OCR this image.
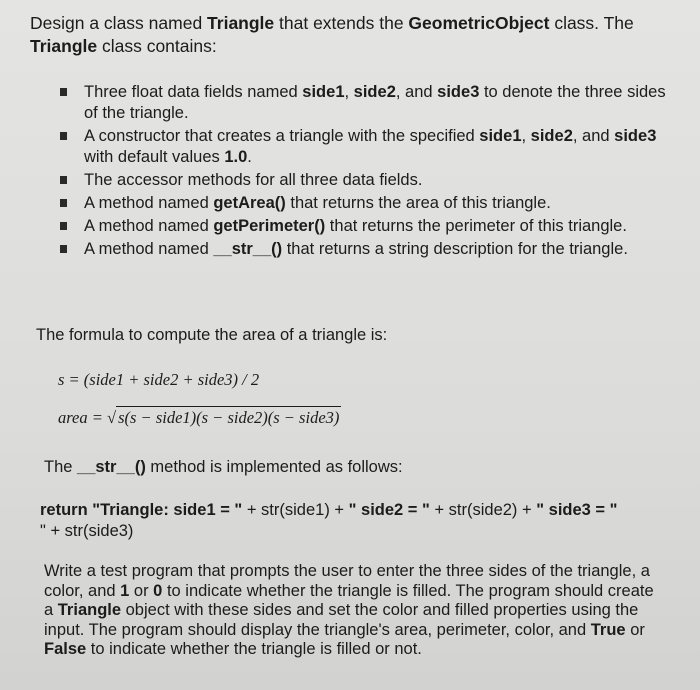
Design a class named Triangle that extends the GeometricObject class. The
Triangle class contains:
Three float data fields named side1, side2, and side3 to denote the three sides of the triangle.
A constructor that creates a triangle with the specified side1, side2, and side3 with default values 1.0.
The accessor methods for all three data fields.
A method named getArea() that returns the area of this triangle.
A method named getPerimeter() that returns the perimeter of this triangle.
A method named __str__() that returns a string description for the triangle.
The formula to compute the area of a triangle is:
s = (side1 + side2 + side3) / 2
area = √ s(s − side1)(s − side2)(s − side3)
The __str__() method is implemented as follows:
return "Triangle: side1 = " + str(side1) + " side2 = " + str(side2) + " side3 = "
" + str(side3)
Write a test program that prompts the user to enter the three sides of the triangle, a color, and 1 or 0 to indicate whether the triangle is filled. The program should create a Triangle object with these sides and set the color and filled properties using the input. The program should display the triangle's area, perimeter, color, and True or False to indicate whether the triangle is filled or not.
